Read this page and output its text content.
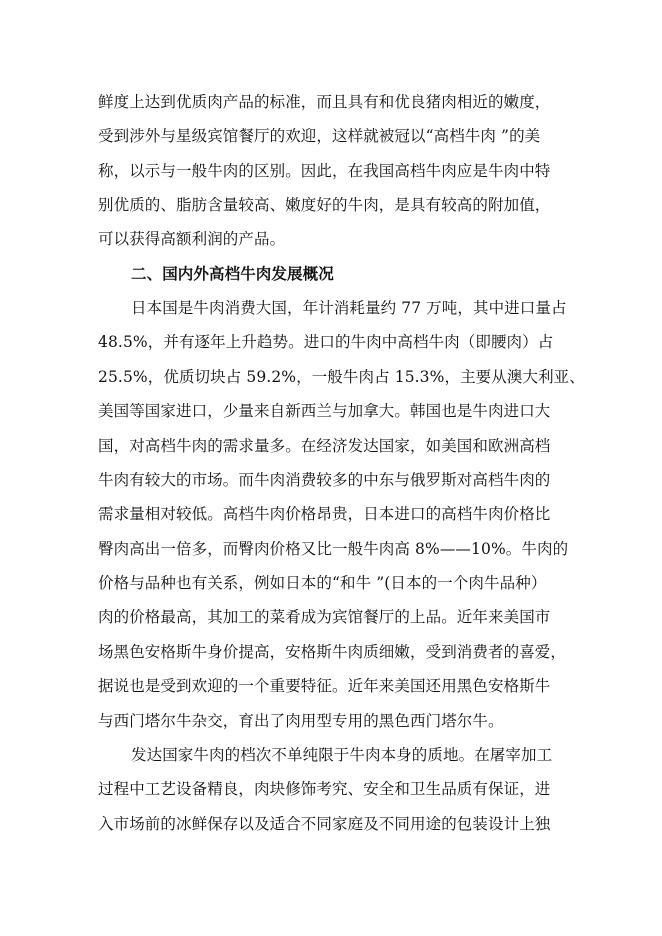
鲜度上达到优质肉产品的标准，而且具有和优良猪肉相近的嫩度，
受到涉外与星级宾馆餐厅的欢迎，这样就被冠以“高档牛肉 ”的美
称，以示与一般牛肉的区别。因此，在我国高档牛肉应是牛肉中特
别优质的、脂肪含量较高、嫩度好的牛肉，是具有较高的附加值，
可以获得高额利润的产品。
二、国内外高档牛肉发展概况
日本国是牛肉消费大国，年计消耗量约 77 万吨，其中进口量占
48.5%，并有逐年上升趋势。进口的牛肉中高档牛肉（即腰肉）占
25.5%，优质切块占 59.2%，一般牛肉占 15.3%，主要从澳大利亚、
美国等国家进口，少量来自新西兰与加拿大。韩国也是牛肉进口大
国，对高档牛肉的需求量多。在经济发达国家，如美国和欧洲高档
牛肉有较大的市场。而牛肉消费较多的中东与俄罗斯对高档牛肉的
需求量相对较低。高档牛肉价格昂贵，日本进口的高档牛肉价格比
臀肉高出一倍多，而臀肉价格又比一般牛肉高 8%——10%。牛肉的
价格与品种也有关系，例如日本的“和牛 ”(日本的一个肉牛品种）
肉的价格最高，其加工的菜肴成为宾馆餐厅的上品。近年来美国市
场黑色安格斯牛身价提高，安格斯牛肉质细嫩，受到消费者的喜爱，
据说也是受到欢迎的一个重要特征。近年来美国还用黑色安格斯牛
与西门塔尔牛杂交，育出了肉用型专用的黑色西门塔尔牛。
发达国家牛肉的档次不单纯限于牛肉本身的质地。在屠宰加工
过程中工艺设备精良，肉块修饰考究、安全和卫生品质有保证，进
入市场前的冰鲜保存以及适合不同家庭及不同用途的包装设计上独
